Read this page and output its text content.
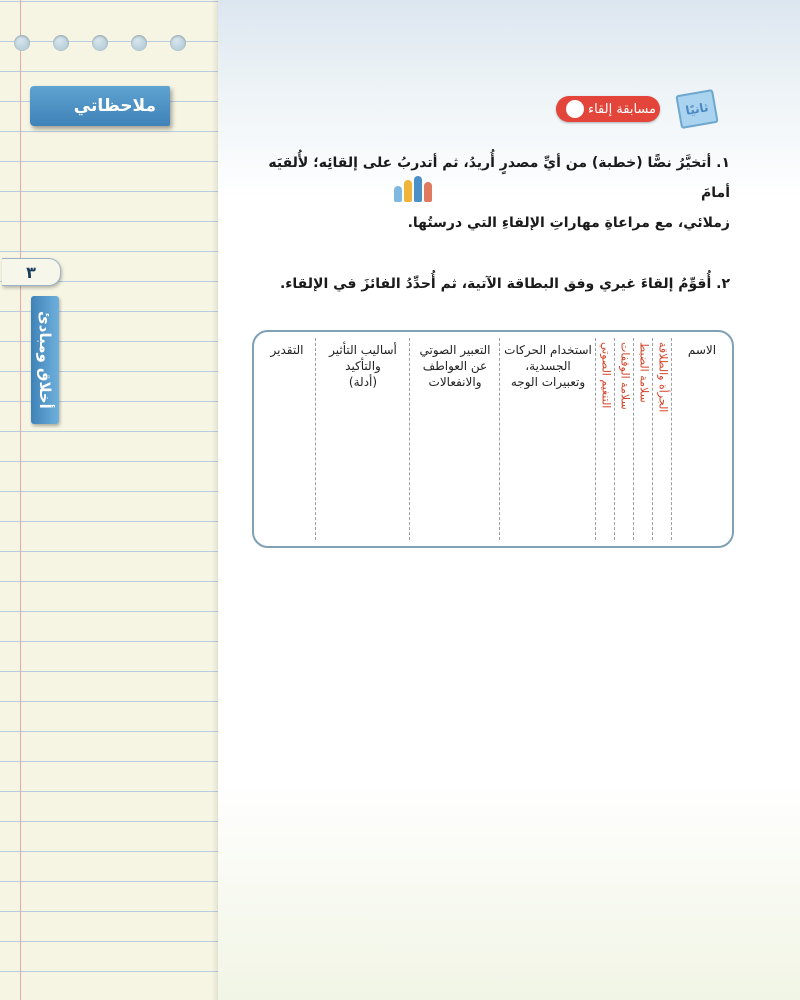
ملاحظاتي
٣
أخلاق ومبادئ
ثانيًا
مسابقة إلقاء
١. أتخيَّرُ نصًّا (خطبة) من أيِّ مصدرٍ أُريدُ، ثم أتدربُ على إلقائِه؛ لأُلقيَه أمامَ
زملائي، مع مراعاةِ مهاراتِ الإلقاءِ التي درستُها.
٢. أُقوِّمُ إلقاءَ غيري وفق البطاقة الآتية، ثم أُحدِّدُ الفائزَ في الإلقاء.
الاسم
الجرأة والطلاقة
سلامة الضبط
سلامة الوقفات
التنغيم الصوتي
استخدام الحركات
الجسدية،
وتعبيرات الوجه
التعبير الصوتي
عن العواطف
والانفعالات
أساليب التأثير
والتأكيد
(أدلة)
التقدير
